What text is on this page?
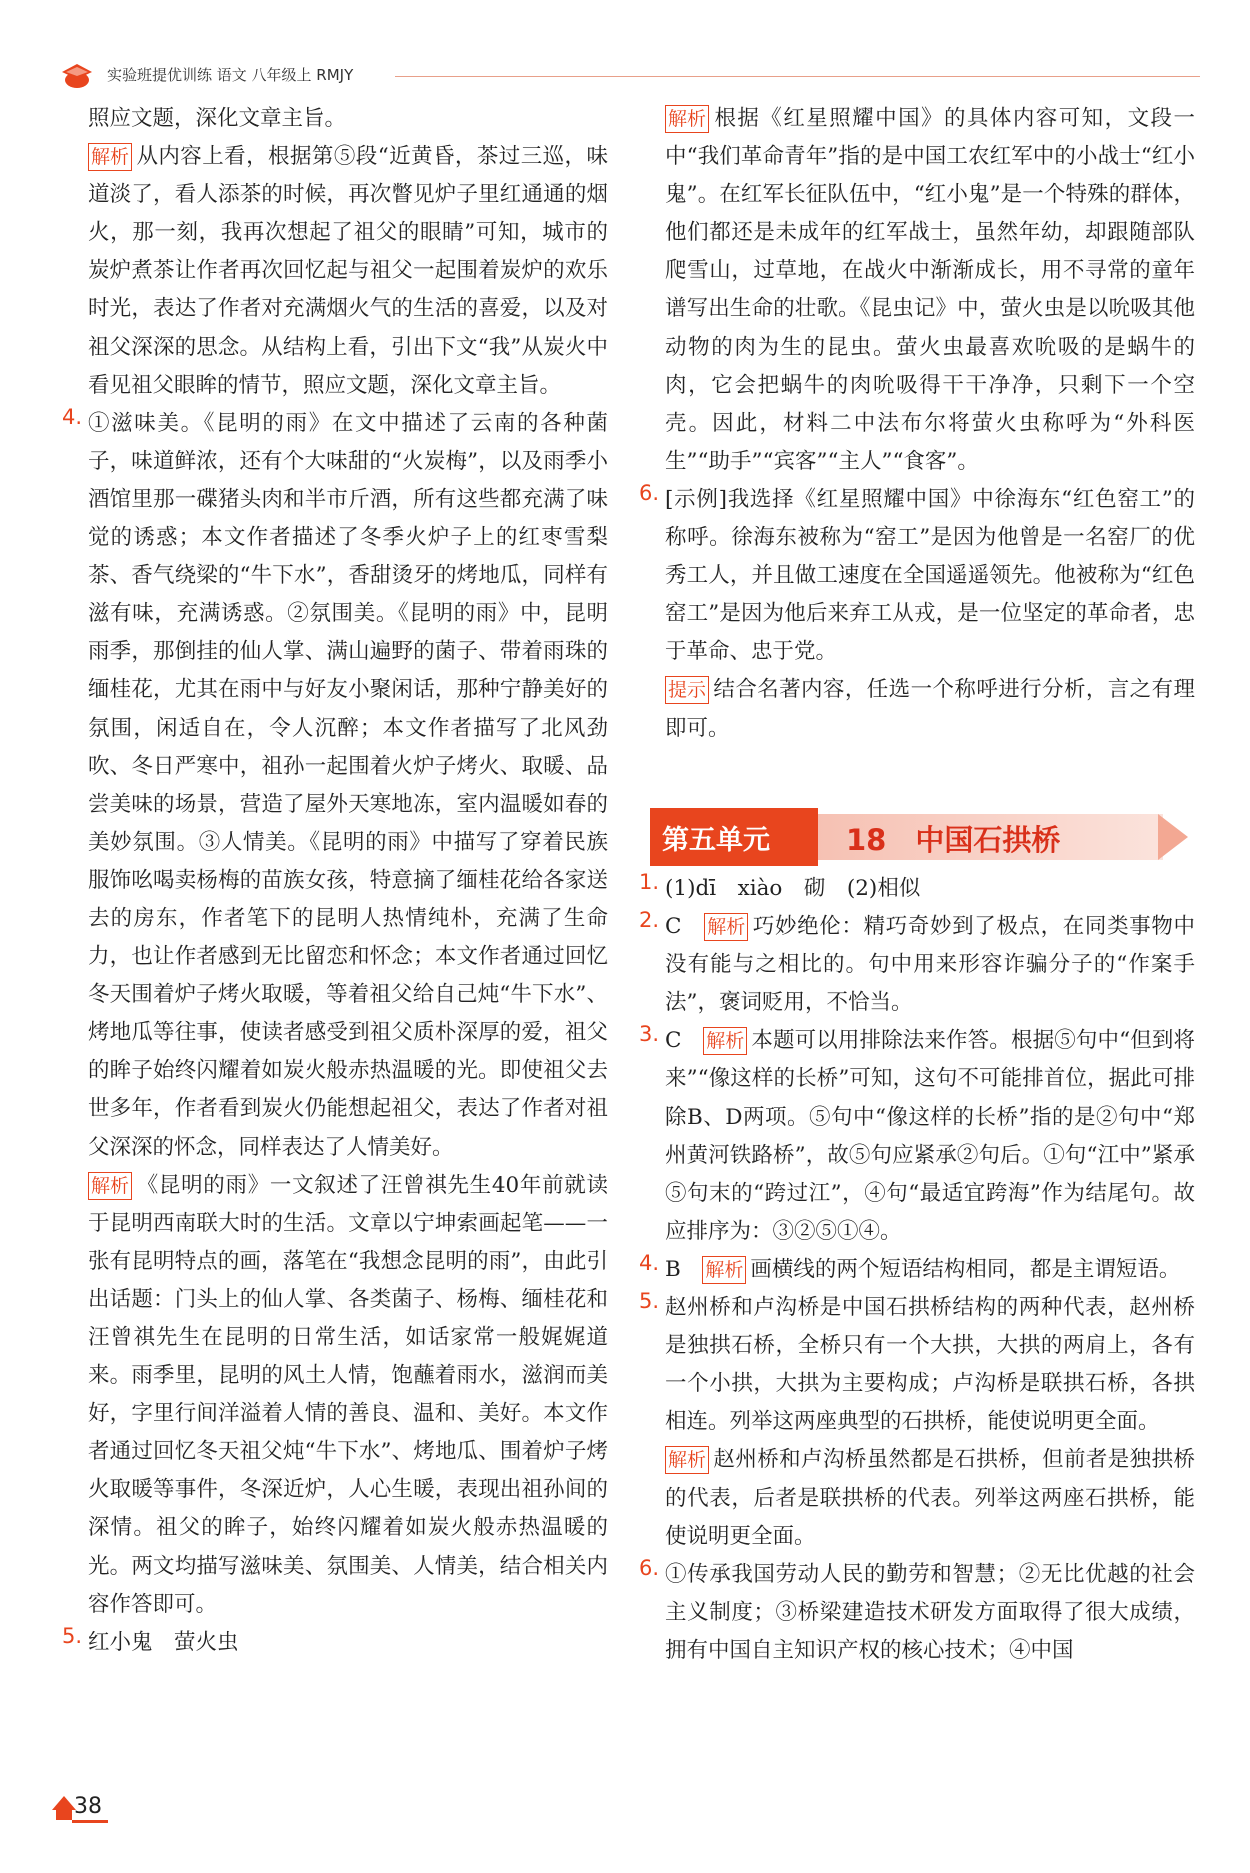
实验班提优训练 语文 八年级上 RMJY

照应文题，深化文章主旨。

解析 从内容上看，根据第⑤段“近黄昏，茶过三巡，味道淡了，看人添茶的时候，再次瞥见炉子里红通通的烟火，那一刻，我再次想起了祖父的眼睛”可知，城市的炭炉煮茶让作者再次回忆起与祖父一起围着炭炉的欢乐时光，表达了作者对充满烟火气的生活的喜爱，以及对祖父深深的思念。从结构上看，引出下文“我”从炭火中看见祖父眼眸的情节，照应文题，深化文章主旨。

4. ①滋味美。《昆明的雨》在文中描述了云南的各种菌子，味道鲜浓，还有个大味甜的“火炭梅”，以及雨季小酒馆里那一碟猪头肉和半市斤酒，所有这些都充满了味觉的诱惑；本文作者描述了冬季火炉子上的红枣雪梨茶、香气绕梁的“牛下水”，香甜烫牙的烤地瓜，同样有滋有味，充满诱惑。②氛围美。《昆明的雨》中，昆明雨季，那倒挂的仙人掌、满山遍野的菌子、带着雨珠的缅桂花，尤其在雨中与好友小聚闲话，那种宁静美好的氛围，闲适自在，令人沉醉；本文作者描写了北风劲吹、冬日严寒中，祖孙一起围着火炉子烤火、取暖、品尝美味的场景，营造了屋外天寒地冻，室内温暖如春的美妙氛围。③人情美。《昆明的雨》中描写了穿着民族服饰吆喝卖杨梅的苗族女孩，特意摘了缅桂花给各家送去的房东，作者笔下的昆明人热情纯朴，充满了生命力，也让作者感到无比留恋和怀念；本文作者通过回忆冬天围着炉子烤火取暖，等着祖父给自己炖“牛下水”、烤地瓜等往事，使读者感受到祖父质朴深厚的爱，祖父的眸子始终闪耀着如炭火般赤热温暖的光。即使祖父去世多年，作者看到炭火仍能想起祖父，表达了作者对祖父深深的怀念，同样表达了人情美好。

解析 《昆明的雨》一文叙述了汪曾祺先生40年前就读于昆明西南联大时的生活。文章以宁坤索画起笔——一张有昆明特点的画，落笔在“我想念昆明的雨”，由此引出话题：门头上的仙人掌、各类菌子、杨梅、缅桂花和汪曾祺先生在昆明的日常生活，如话家常一般娓娓道来。雨季里，昆明的风土人情，饱蘸着雨水，滋润而美好，字里行间洋溢着人情的善良、温和、美好。本文作者通过回忆冬天祖父炖“牛下水”、烤地瓜、围着炉子烤火取暖等事件，冬深近炉，人心生暖，表现出祖孙间的深情。祖父的眸子，始终闪耀着如炭火般赤热温暖的光。两文均描写滋味美、氛围美、人情美，结合相关内容作答即可。

5. 红小鬼　萤火虫

解析 根据《红星照耀中国》的具体内容可知，文段一中“我们革命青年”指的是中国工农红军中的小战士“红小鬼”。在红军长征队伍中，“红小鬼”是一个特殊的群体，他们都还是未成年的红军战士，虽然年幼，却跟随部队爬雪山，过草地，在战火中渐渐成长，用不寻常的童年谱写出生命的壮歌。《昆虫记》中，萤火虫是以吮吸其他动物的肉为生的昆虫。萤火虫最喜欢吮吸的是蜗牛的肉，它会把蜗牛的肉吮吸得干干净净，只剩下一个空壳。因此，材料二中法布尔将萤火虫称呼为“外科医生”“助手”“宾客”“主人”“食客”。

6. [示例]我选择《红星照耀中国》中徐海东“红色窑工”的称呼。徐海东被称为“窑工”是因为他曾是一名窑厂的优秀工人，并且做工速度在全国遥遥领先。他被称为“红色窑工”是因为他后来弃工从戎，是一位坚定的革命者，忠于革命、忠于党。

提示 结合名著内容，任选一个称呼进行分析，言之有理即可。

第五单元	18　中国石拱桥
1. (1)dī　xiào　砌　(2)相似

2. C　 解析 巧妙绝伦：精巧奇妙到了极点，在同类事物中没有能与之相比的。句中用来形容诈骗分子的“作案手法”，褒词贬用，不恰当。

3. C　 解析 本题可以用排除法来作答。根据⑤句中“但到将来”“像这样的长桥”可知，这句不可能排首位，据此可排除B、D两项。⑤句中“像这样的长桥”指的是②句中“郑州黄河铁路桥”，故⑤句应紧承②句后。①句“江中”紧承⑤句末的“跨过江”，④句“最适宜跨海”作为结尾句。故应排序为：③②⑤①④。

4. B　 解析 画横线的两个短语结构相同，都是主谓短语。

5. 赵州桥和卢沟桥是中国石拱桥结构的两种代表，赵州桥是独拱石桥，全桥只有一个大拱，大拱的两肩上，各有一个小拱，大拱为主要构成；卢沟桥是联拱石桥，各拱相连。列举这两座典型的石拱桥，能使说明更全面。

解析 赵州桥和卢沟桥虽然都是石拱桥，但前者是独拱桥的代表，后者是联拱桥的代表。列举这两座石拱桥，能使说明更全面。

6. ①传承我国劳动人民的勤劳和智慧；②无比优越的社会主义制度；③桥梁建造技术研发方面取得了很大成绩，拥有中国自主知识产权的核心技术；④中国

38
